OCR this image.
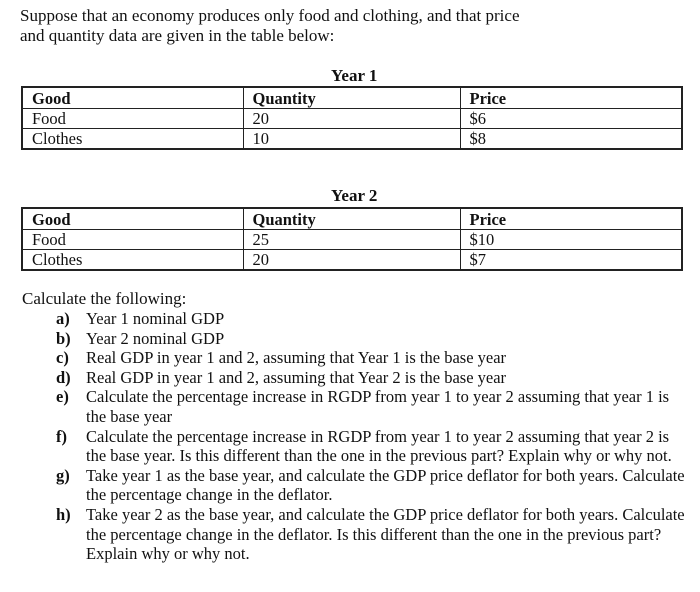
Suppose that an economy produces only food and clothing, and that price
and quantity data are given in the table below:
Year 1
Good	Quantity	Price
Food	20	$6
Clothes	10	$8
Year 2
Good	Quantity	Price
Food	25	$10
Clothes	20	$7
Calculate the following:
a) Year 1 nominal GDP
b) Year 2 nominal GDP
c) Real GDP in year 1 and 2, assuming that Year 1 is the base year
d) Real GDP in year 1 and 2, assuming that Year 2 is the base year
e) Calculate the percentage increase in RGDP from year 1 to year 2 assuming that year 1 is the base year
f) Calculate the percentage increase in RGDP from year 1 to year 2 assuming that year 2 is the base year. Is this different than the one in the previous part? Explain why or why not.
g) Take year 1 as the base year, and calculate the GDP price deflator for both years. Calculate the percentage change in the deflator.
h) Take year 2 as the base year, and calculate the GDP price deflator for both years. Calculate the percentage change in the deflator. Is this different than the one in the previous part? Explain why or why not.
